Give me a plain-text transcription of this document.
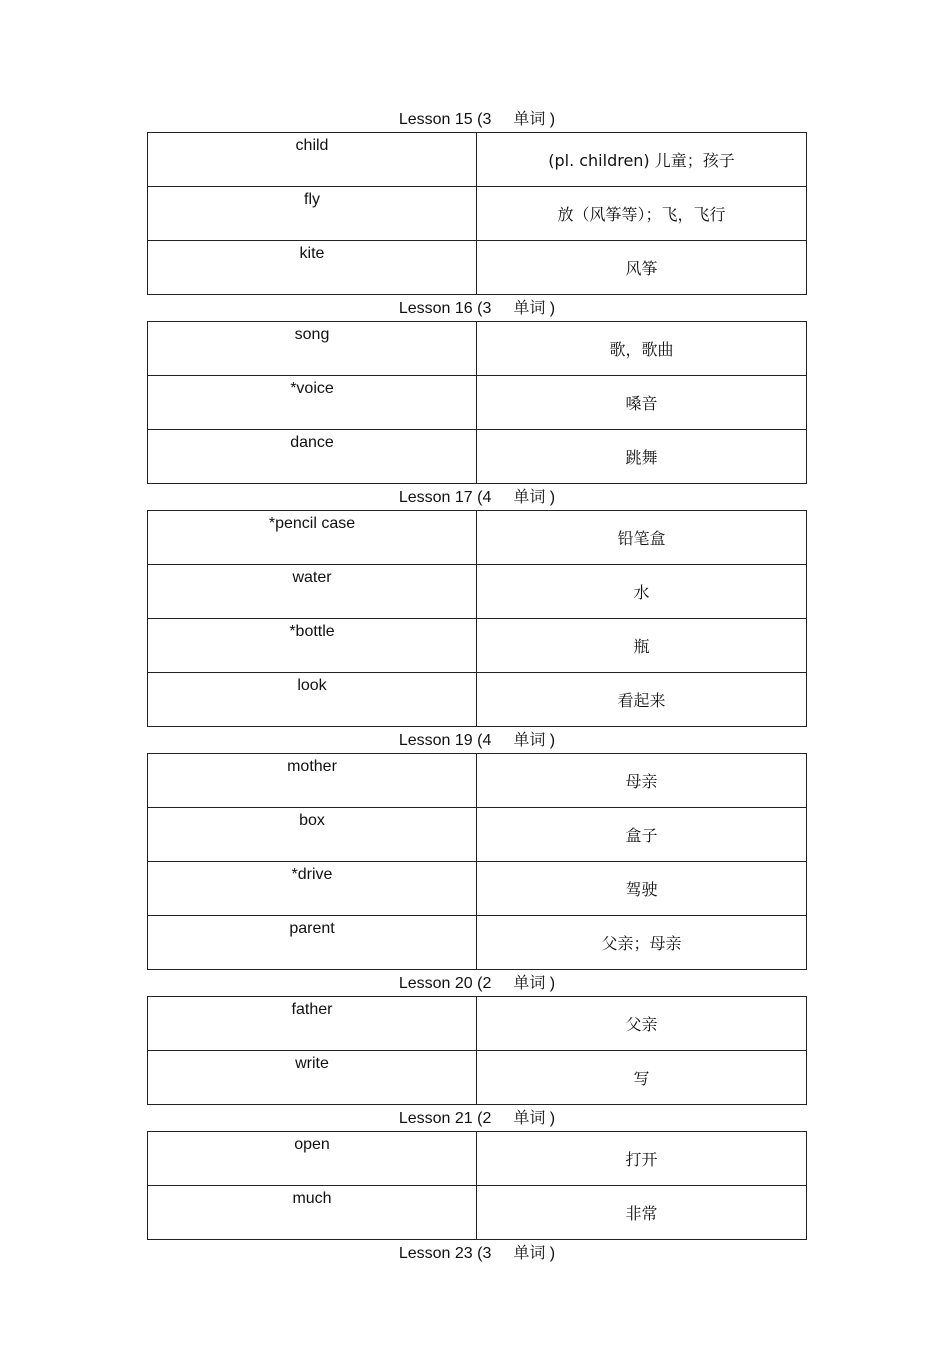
Lesson 15 (3 单词 )
child	(pl. children) 儿童；孩子
fly	放（风筝等）；飞，飞行
kite	风筝
Lesson 16 (3 单词 )
song	歌，歌曲
*voice	嗓音
dance	跳舞
Lesson 17 (4 单词 )
*pencil case	铅笔盒
water	水
*bottle	瓶
look	看起来
Lesson 19 (4 单词 )
mother	母亲
box	盒子
*drive	驾驶
parent	父亲；母亲
Lesson 20 (2 单词 )
father	父亲
write	写
Lesson 21 (2 单词 )
open	打开
much	非常
Lesson 23 (3 单词 )
